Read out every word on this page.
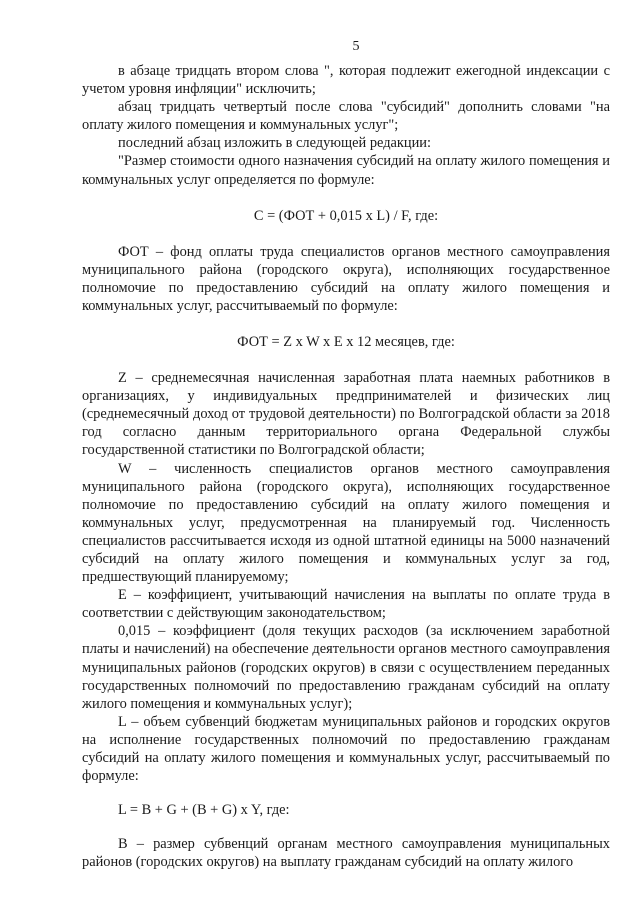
5

в абзаце тридцать втором слова ", которая подлежит ежегодной индексации с учетом уровня инфляции" исключить;

абзац тридцать четвертый после слова "субсидий" дополнить словами "на оплату жилого помещения и коммунальных услуг";

последний абзац изложить в следующей редакции:

"Размер стоимости одного назначения субсидий на оплату жилого помещения и коммунальных услуг определяется по формуле:

C = (ФОТ + 0,015 x L) / F, где:

ФОТ – фонд оплаты труда специалистов органов местного самоуправления муниципального района (городского округа), исполняющих государственное полномочие по предоставлению субсидий на оплату жилого помещения и коммунальных услуг, рассчитываемый по формуле:

ФОТ = Z x W x E x 12 месяцев, где:

Z – среднемесячная начисленная заработная плата наемных работников в организациях, у индивидуальных предпринимателей и физических лиц (среднемесячный доход от трудовой деятельности) по Волгоградской области за 2018 год согласно данным территориального органа Федеральной службы государственной статистики по Волгоградской области;

W – численность специалистов органов местного самоуправления муниципального района (городского округа), исполняющих государственное полномочие по предоставлению субсидий на оплату жилого помещения и коммунальных услуг, предусмотренная на планируемый год. Численность специалистов рассчитывается исходя из одной штатной единицы на 5000 назначений субсидий на оплату жилого помещения и коммунальных услуг за год, предшествующий планируемому;

E – коэффициент, учитывающий начисления на выплаты по оплате труда в соответствии с действующим законодательством;

0,015 – коэффициент (доля текущих расходов (за исключением заработной платы и начислений) на обеспечение деятельности органов местного самоуправления муниципальных районов (городских округов) в связи с осуществлением переданных государственных полномочий по предоставлению гражданам субсидий на оплату жилого помещения и коммунальных услуг);

L – объем субвенций бюджетам муниципальных районов и городских округов на исполнение государственных полномочий по предоставлению гражданам субсидий на оплату жилого помещения и коммунальных услуг, рассчитываемый по формуле:

L = B + G + (B + G) x Y, где:

B – размер субвенций органам местного самоуправления муниципальных районов (городских округов) на выплату гражданам субсидий на оплату жилого
